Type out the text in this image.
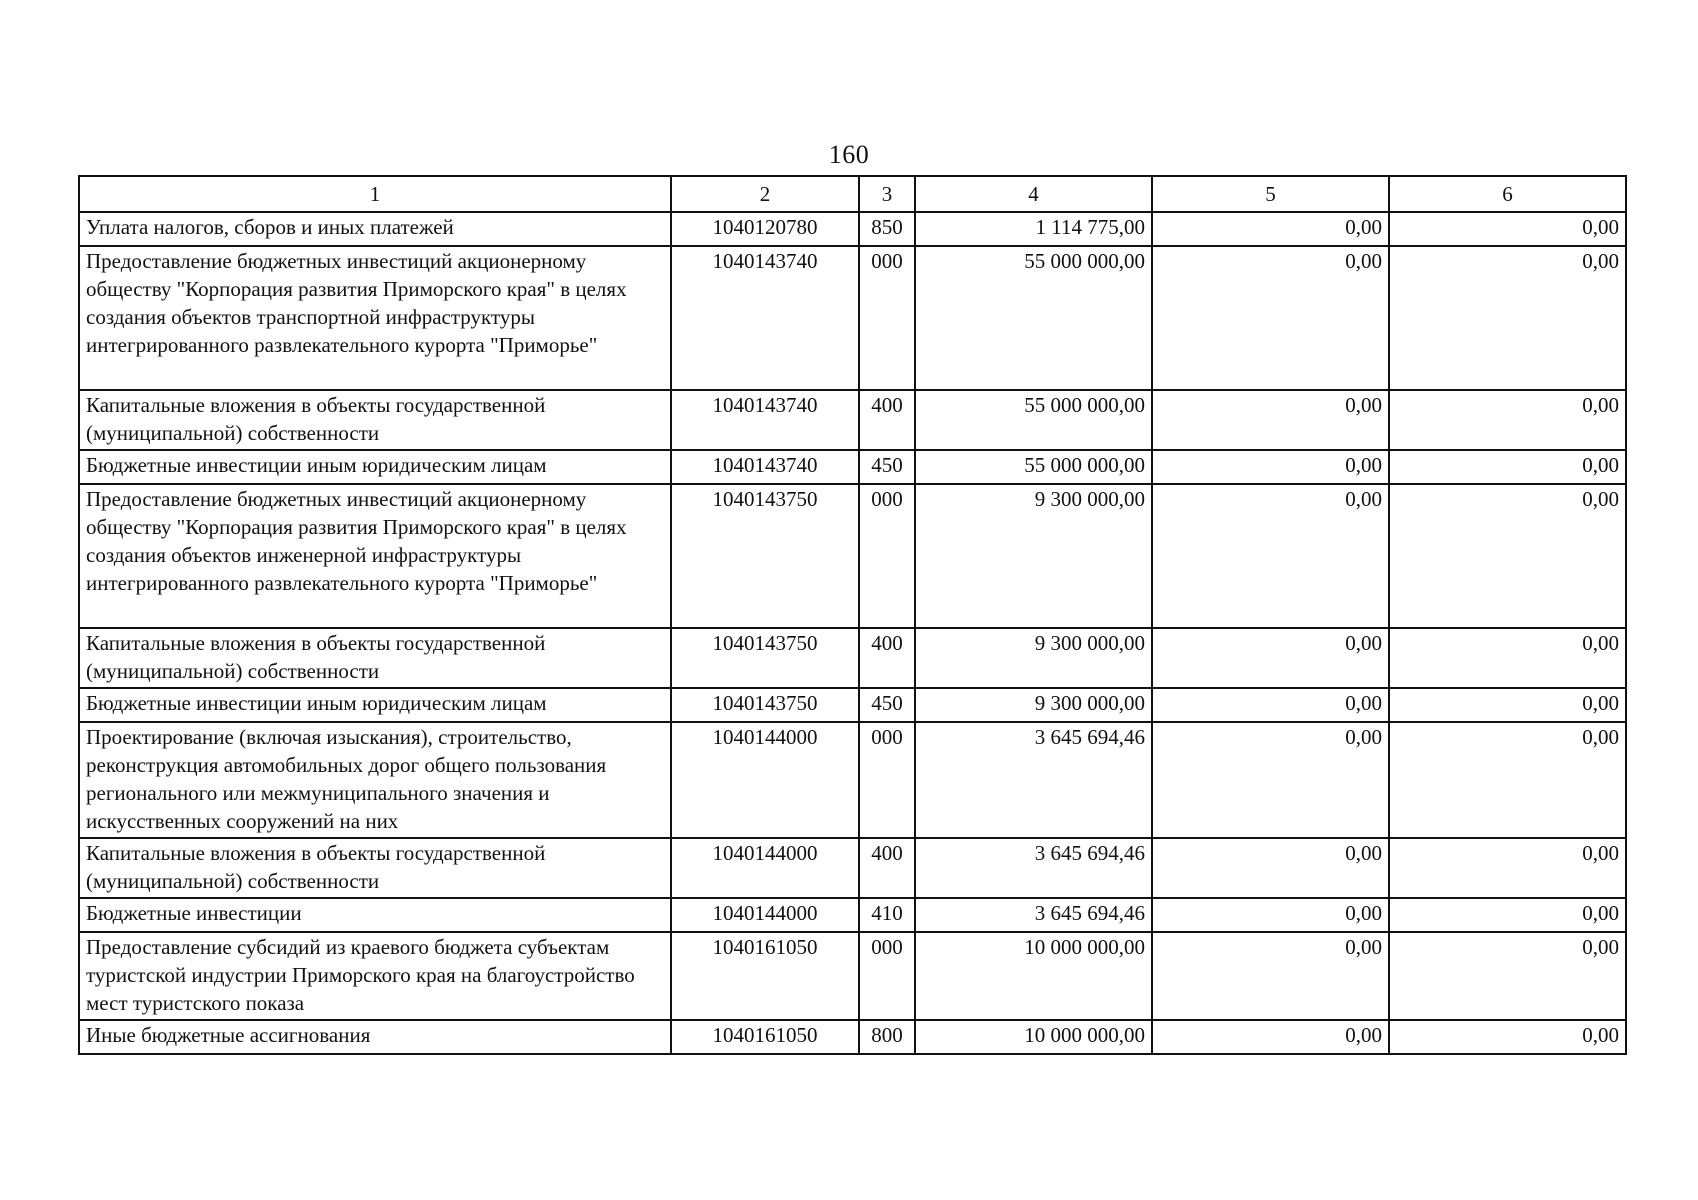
160
1	2	3	4	5	6
Уплата налогов, сборов и иных платежей	1040120780	850	1 114 775,00	0,00	0,00
Предоставление бюджетных инвестиций акционерному обществу "Корпорация развития Приморского края" в целях создания объектов транспортной инфраструктуры интегрированного развлекательного курорта "Приморье"	1040143740	000	55 000 000,00	0,00	0,00
Капитальные вложения в объекты государственной (муниципальной) собственности	1040143740	400	55 000 000,00	0,00	0,00
Бюджетные инвестиции иным юридическим лицам	1040143740	450	55 000 000,00	0,00	0,00
Предоставление бюджетных инвестиций акционерному обществу "Корпорация развития Приморского края" в целях создания объектов инженерной инфраструктуры интегрированного развлекательного курорта "Приморье"	1040143750	000	9 300 000,00	0,00	0,00
Капитальные вложения в объекты государственной (муниципальной) собственности	1040143750	400	9 300 000,00	0,00	0,00
Бюджетные инвестиции иным юридическим лицам	1040143750	450	9 300 000,00	0,00	0,00
Проектирование (включая изыскания), строительство, реконструкция автомобильных дорог общего пользования регионального или межмуниципального значения и искусственных сооружений на них	1040144000	000	3 645 694,46	0,00	0,00
Капитальные вложения в объекты государственной (муниципальной) собственности	1040144000	400	3 645 694,46	0,00	0,00
Бюджетные инвестиции	1040144000	410	3 645 694,46	0,00	0,00
Предоставление субсидий из краевого бюджета субъектам туристской индустрии Приморского края на благоустройство мест туристского показа	1040161050	000	10 000 000,00	0,00	0,00
Иные бюджетные ассигнования	1040161050	800	10 000 000,00	0,00	0,00
